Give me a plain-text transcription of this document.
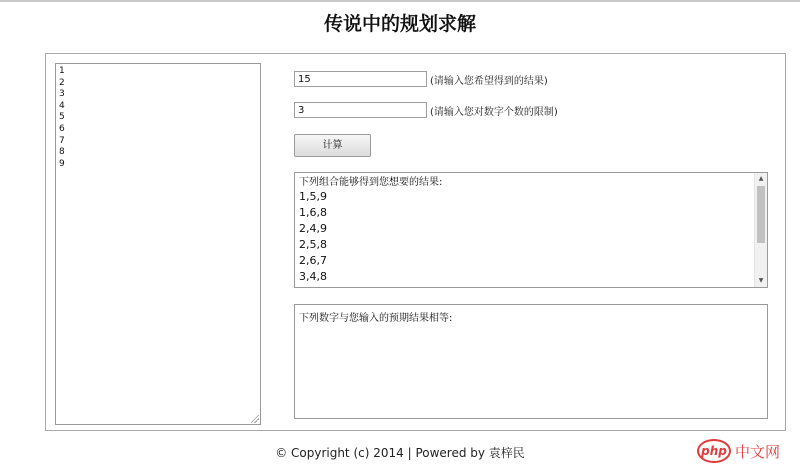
传说中的规划求解
1
2
3
4
5
6
7
8
9
15
(请输入您希望得到的结果)
3
(请输入您对数字个数的限制)
计算
下列组合能够得到您想要的结果:
1,5,9
1,6,8
2,4,9
2,5,8
2,6,7
3,4,8
▲
▼
下列数字与您输入的预期结果相等:
© Copyright (c) 2014 | Powered by 袁梓民	php 中文网
